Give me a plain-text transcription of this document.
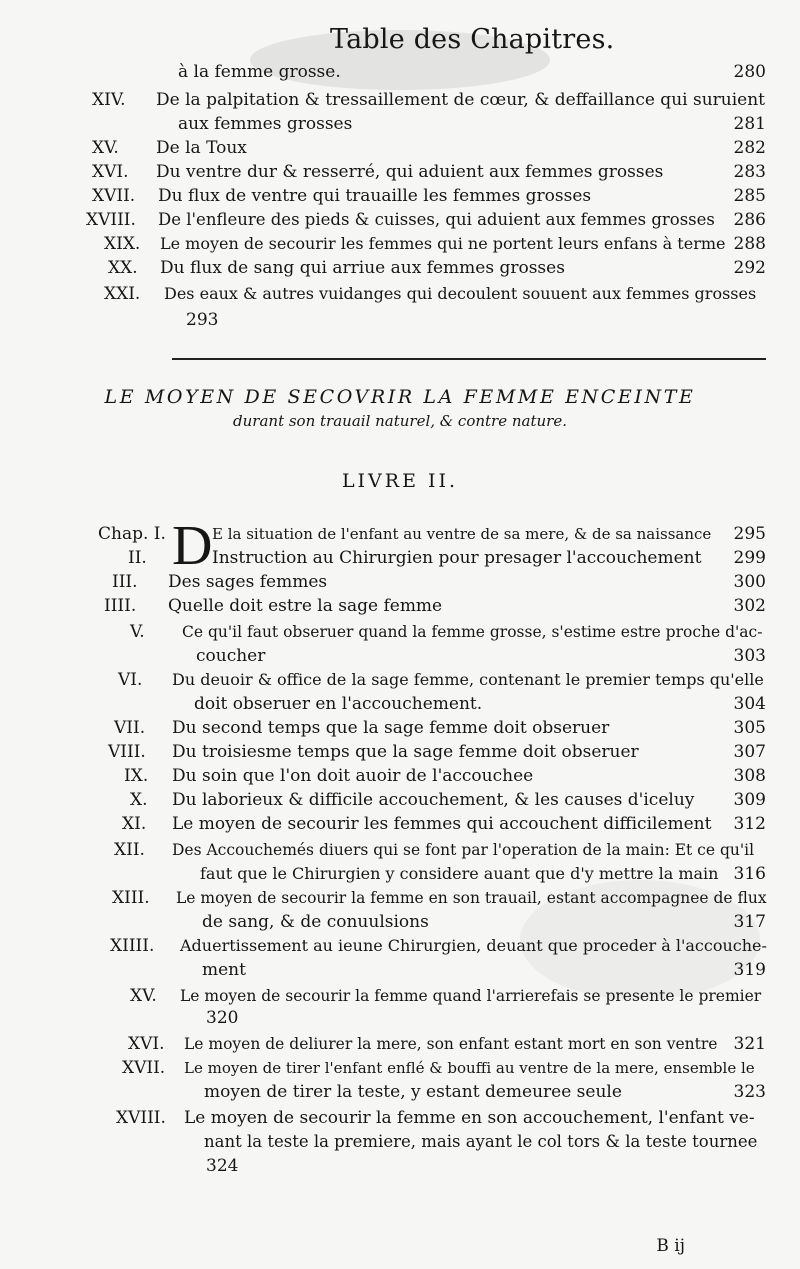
Table des Chapitres.
à la femme grosse.	280
XIV. De la palpitation & tressaillement de cœur, & deffaillance qui suruient
aux femmes grosses	281
XV. De la Toux	282
XVI. Du ventre dur & resserré, qui aduient aux femmes grosses	283
XVII. Du flux de ventre qui trauaille les femmes grosses	285
XVIII. De l'enfleure des pieds & cuisses, qui aduient aux femmes grosses 286
XIX. Le moyen de secourir les femmes qui ne portent leurs enfans à terme 288
XX. Du flux de sang qui arriue aux femmes grosses	292
XXI. Des eaux & autres vuidanges qui decoulent souuent aux femmes grosses
293
LE MOYEN DE SECOVRIR LA FEMME ENCEINTE
durant son trauail naturel, & contre nature.
LIVRE II.
D
Chap. I.	E la situation de l'enfant au ventre de sa mere, & de sa naissance 295
II.	Instruction au Chirurgien pour presager l'accouchement 299
III. Des sages femmes	300
IIII. Quelle doit estre la sage femme	302
V. Ce qu'il faut obseruer quand la femme grosse, s'estime estre proche d'ac-
coucher	303
VI. Du deuoir & office de la sage femme, contenant le premier temps qu'elle
doit obseruer en l'accouchement.	304
VII. Du second temps que la sage femme doit obseruer	305
VIII. Du troisiesme temps que la sage femme doit obseruer	307
IX. Du soin que l'on doit auoir de l'accouchee	308
X. Du laborieux & difficile accouchement, & les causes d'iceluy 309
XI. Le moyen de secourir les femmes qui accouchent difficilement 312
XII. Des Accouchemés diuers qui se font par l'operation de la main: Et ce qu'il
faut que le Chirurgien y considere auant que d'y mettre la main 316
XIII. Le moyen de secourir la femme en son trauail, estant accompagnee de flux
de sang, & de conuulsions	317
XIIII. Aduertissement au ieune Chirurgien, deuant que proceder à l'accouche-
ment	319
XV. Le moyen de secourir la femme quand l'arrierefais se presente le premier
320
XVI. Le moyen de deliurer la mere, son enfant estant mort en son ventre 321
XVII. Le moyen de tirer l'enfant enflé & bouffi au ventre de la mere, ensemble le
moyen de tirer la teste, y estant demeuree seule	323
XVIII. Le moyen de secourir la femme en son accouchement, l'enfant ve-
nant la teste la premiere, mais ayant le col tors & la teste tournee
324
B ij
